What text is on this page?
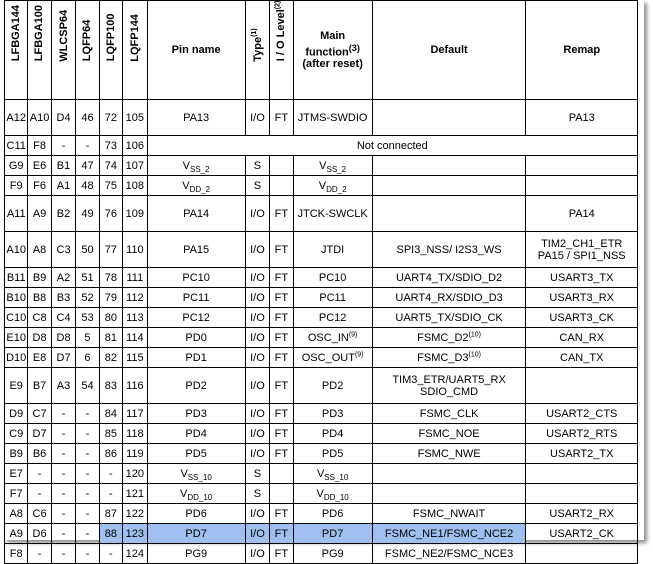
LFBGA144	LFBGA100	WLCSP64	LQFP64	LQFP100	LQFP144	Pin name	Type$^{(1)}$	I / O Level$^{(2)}$	Main function$^{(3)}$
(after reset)	Default	Remap
A12	A10	D4	46	72	105	PA13	I/O	FT	JTMS-SWDIO		PA13
C11	F8	-	-	73	106	Not connected					
G9	E6	B1	47	74	107	$V_{SS\_2}$	S		$V_{SS\_2}$		
F9	F6	A1	48	75	108	$V_{DD\_2}$	S		$V_{DD\_2}$		
A11	A9	B2	49	76	109	PA14	I/O	FT	JTCK-SWCLK		PA14
A10	A8	C3	50	77	110	PA15	I/O	FT	JTDI	SPI3_NSS/ I2S3_WS	TIM2_CH1_ETR PA15 / SPI1_NSS
B11	B9	A2	51	78	111	PC10	I/O	FT	PC10	UART4_TX/SDIO_D2	USART3_TX
B10	B8	B3	52	79	112	PC11	I/O	FT	PC11	UART4_RX/SDIO_D3	USART3_RX
C10	C8	C4	53	80	113	PC12	I/O	FT	PC12	UART5_TX/SDIO_CK	USART3_CK
E10	D8	D8	5	81	114	PD0	I/O	FT	OSC_IN$^{(9)}$	FSMC_D2$^{(10)}$	CAN_RX
D10	E8	D7	6	82	115	PD1	I/O	FT	OSC_OUT$^{(9)}$	FSMC_D3$^{(10)}$	CAN_TX
E9	B7	A3	54	83	116	PD2	I/O	FT	PD2	TIM3_ETR/UART5_RX SDIO_CMD	
D9	C7	-	-	84	117	PD3	I/O	FT	PD3	FSMC_CLK	USART2_CTS
C9	D7	-	-	85	118	PD4	I/O	FT	PD4	FSMC_NOE	USART2_RTS
B9	B6	-	-	86	119	PD5	I/O	FT	PD5	FSMC_NWE	USART2_TX
E7	-	-	-	-	120	$V_{SS\_10}$	S		$V_{SS\_10}$		
F7	-	-	-	-	121	$V_{DD\_10}$	S		$V_{DD\_10}$		
A8	C6	-	-	87	122	PD6	I/O	FT	PD6	FSMC_NWAIT	USART2_RX
A9	D6	-	-	88	123	PD7	I/O	FT	PD7	FSMC_NE1/FSMC_NCE2	USART2_CK
F8	-	-	-	-	124	PG9	I/O	FT	PG9	FSMC_NE2/FSMC_NCE3	
